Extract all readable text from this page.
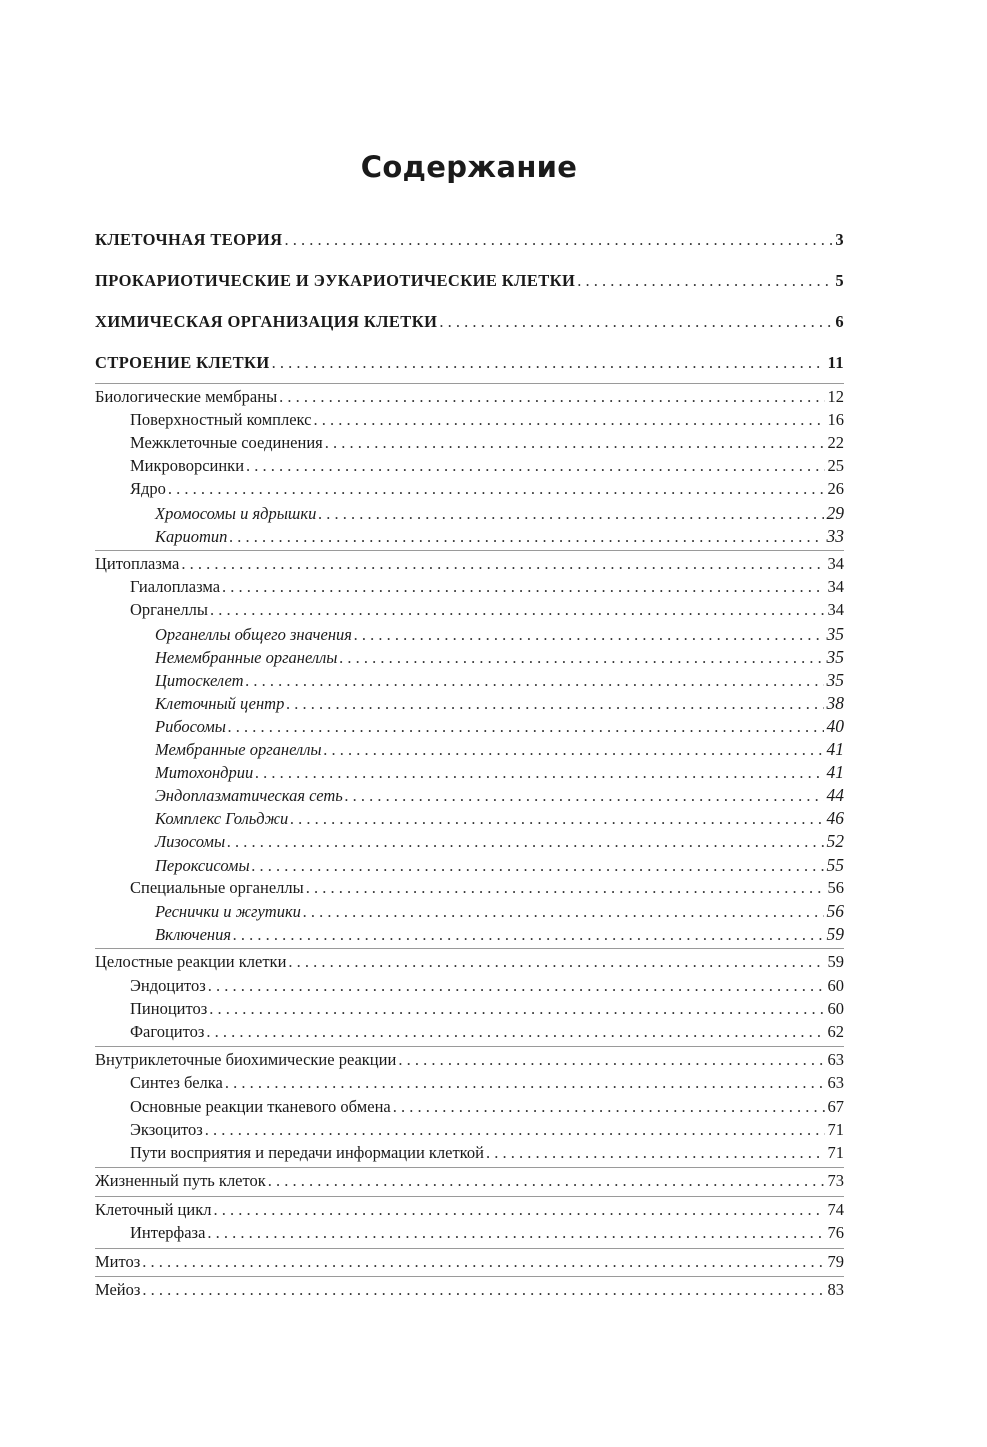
Содержание
КЛЕТОЧНАЯ ТЕОРИЯ . . .	3
ПРОКАРИОТИЧЕСКИЕ И ЭУКАРИОТИЧЕСКИЕ КЛЕТКИ . . .	5
ХИМИЧЕСКАЯ ОРГАНИЗАЦИЯ КЛЕТКИ . . .	6
СТРОЕНИЕ КЛЕТКИ . . .	11
Биологические мембраны . . .	12
Поверхностный комплекс . . .	16
Межклеточные соединения . . .	22
Микроворсинки . . .	25
Ядро . . .	26
Хромосомы и ядрышки . . .	29
Кариотип . . .	33
Цитоплазма . . .	34
Гиалоплазма . . .	34
Органеллы . . .	34
Органеллы общего значения . . .	35
Немембранные органеллы . . .	35
Цитоскелет . . .	35
Клеточный центр . . .	38
Рибосомы . . .	40
Мембранные органеллы . . .	41
Митохондрии . . .	41
Эндоплазматическая сеть . . .	44
Комплекс Гольджи . . .	46
Лизосомы . . .	52
Пероксисомы . . .	55
Специальные органеллы . . .	56
Реснички и жгутики . . .	56
Включения . . .	59
Целостные реакции клетки . . .	59
Эндоцитоз . . .	60
Пиноцитоз . . .	60
Фагоцитоз . . .	62
Внутриклеточные биохимические реакции . . .	63
Синтез белка . . .	63
Основные реакции тканевого обмена . . .	67
Экзоцитоз . . .	71
Пути восприятия и передачи информации клеткой . . .	71
Жизненный путь клеток . . .	73
Клеточный цикл . . .	74
Интерфаза . . .	76
Митоз . . .	79
Мейоз . . .	83
